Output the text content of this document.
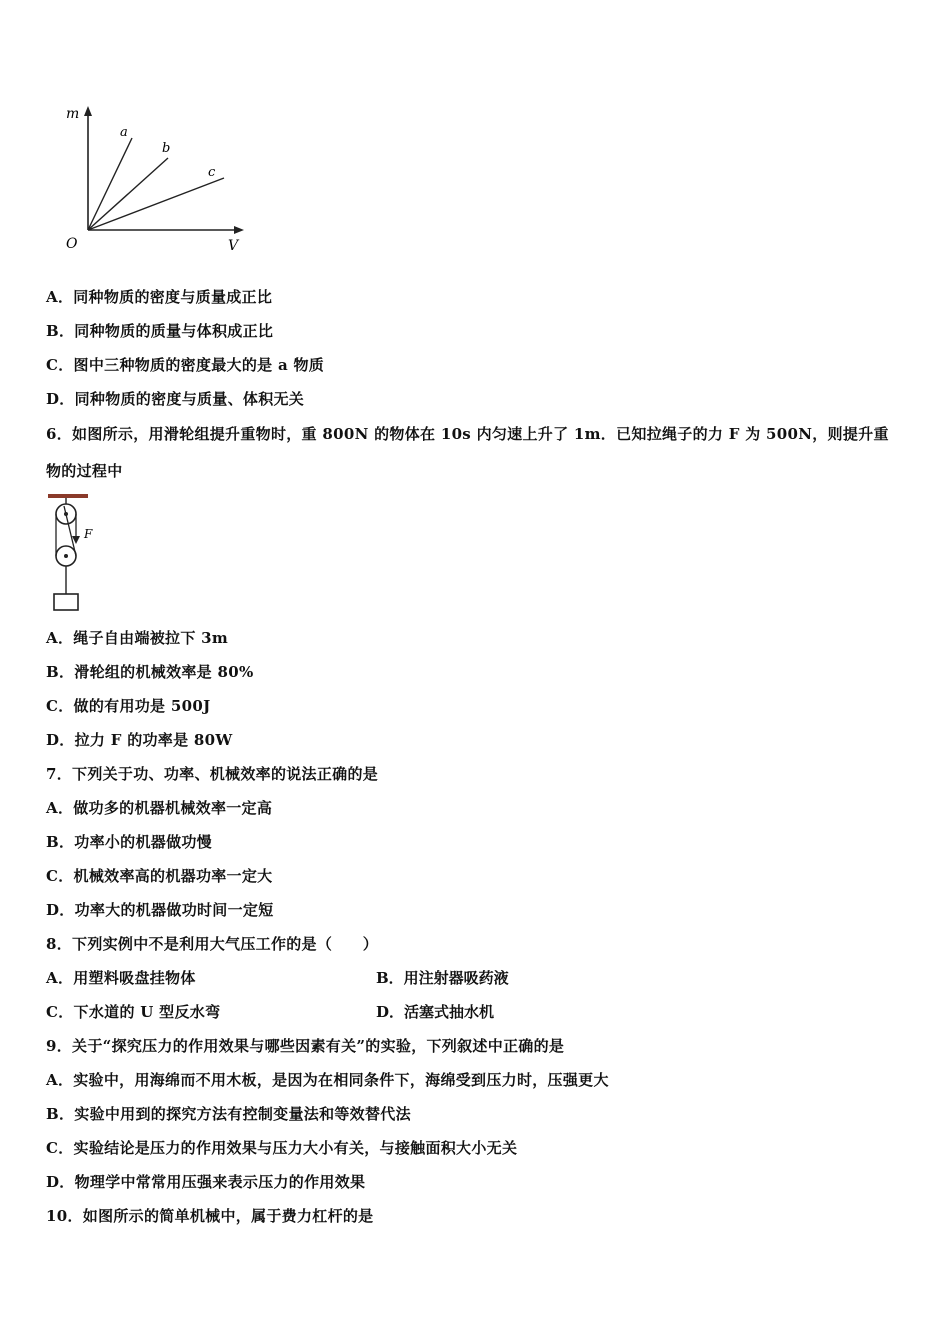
m
V
O
a
b
c
A．同种物质的密度与质量成正比
B．同种物质的质量与体积成正比
C．图中三种物质的密度最大的是 a 物质
D．同种物质的密度与质量、体积无关
6．如图所示，用滑轮组提升重物时，重 800N 的物体在 10s 内匀速上升了 1m．已知拉绳子的力 F 为 500N，则提升重
物的过程中
F
A．绳子自由端被拉下 3m
B．滑轮组的机械效率是 80%
C．做的有用功是 500J
D．拉力 F 的功率是 80W
7．下列关于功、功率、机械效率的说法正确的是
A．做功多的机器机械效率一定高
B．功率小的机器做功慢
C．机械效率高的机器功率一定大
D．功率大的机器做功时间一定短
8．下列实例中不是利用大气压工作的是（　　）
A．用塑料吸盘挂物体	B．用注射器吸药液
C．下水道的 U 型反水弯	D．活塞式抽水机
9．关于“探究压力的作用效果与哪些因素有关”的实验，下列叙述中正确的是
A．实验中，用海绵而不用木板，是因为在相同条件下，海绵受到压力时，压强更大
B．实验中用到的探究方法有控制变量法和等效替代法
C．实验结论是压力的作用效果与压力大小有关，与接触面积大小无关
D．物理学中常常用压强来表示压力的作用效果
10．如图所示的简单机械中，属于费力杠杆的是
